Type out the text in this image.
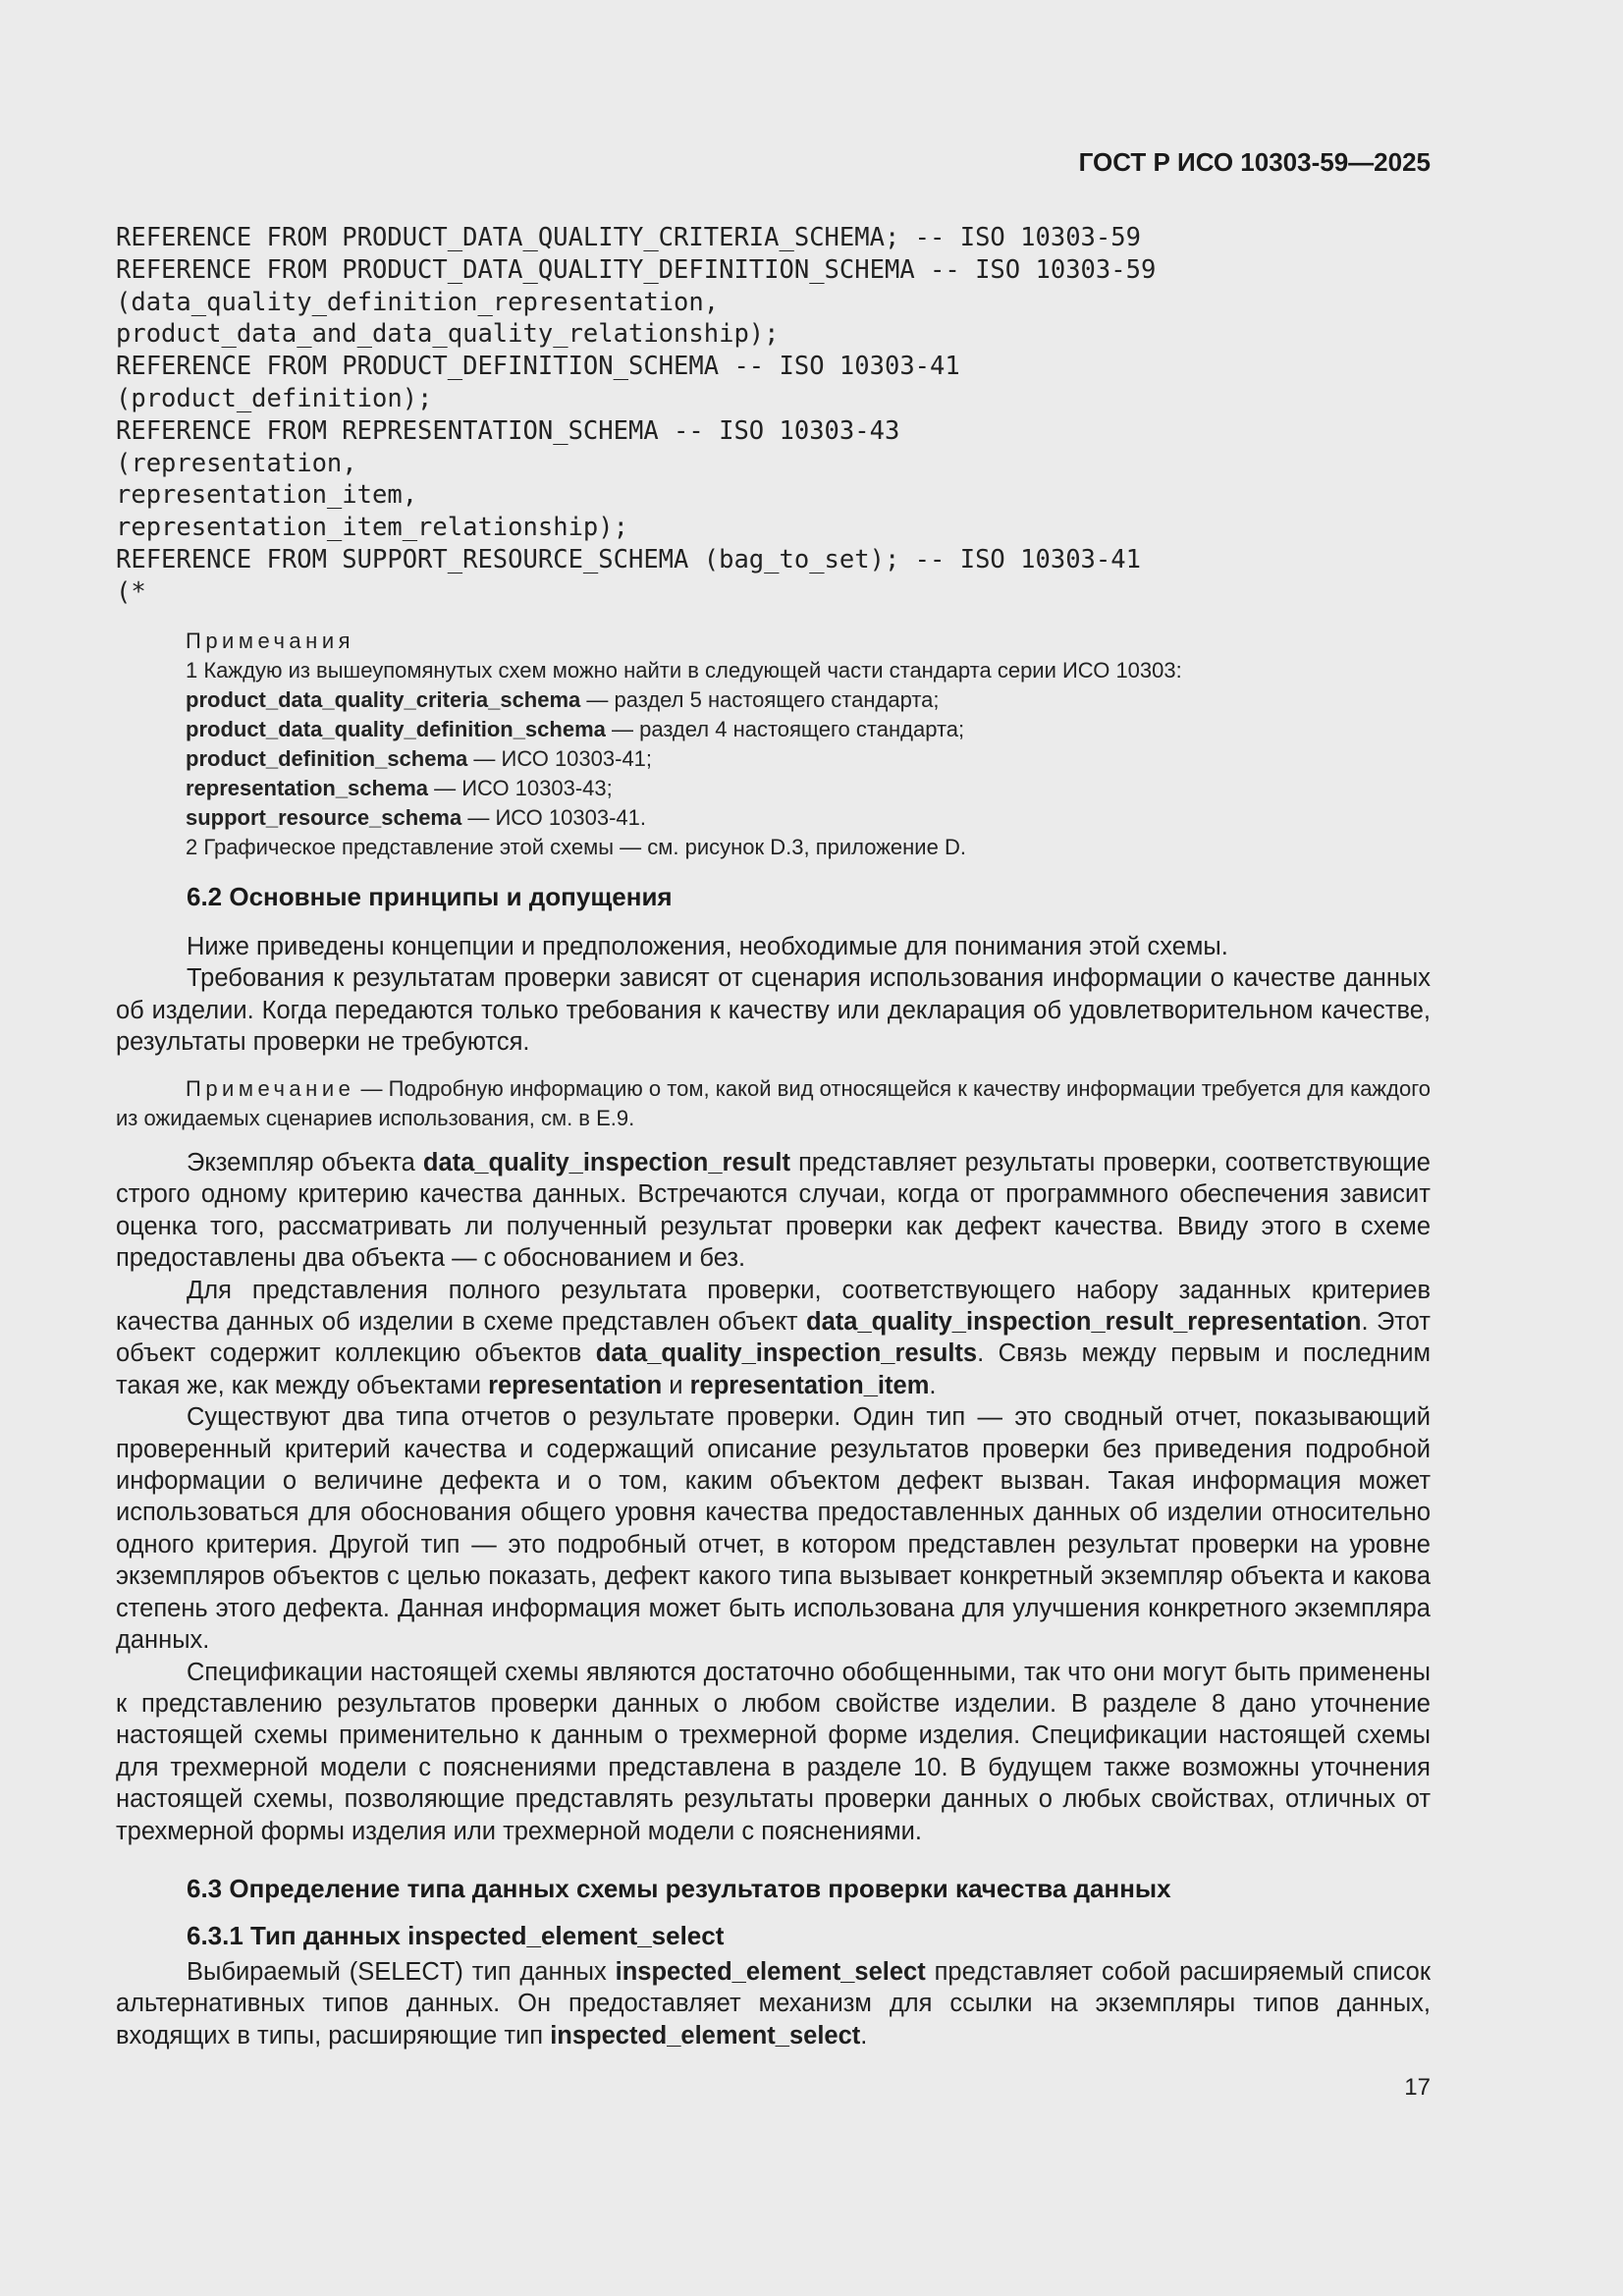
ГОСТ Р ИСО 10303-59—2025

REFERENCE FROM PRODUCT_DATA_QUALITY_CRITERIA_SCHEMA; -- ISO 10303-59
REFERENCE FROM PRODUCT_DATA_QUALITY_DEFINITION_SCHEMA -- ISO 10303-59
(data_quality_definition_representation,
product_data_and_data_quality_relationship);
REFERENCE FROM PRODUCT_DEFINITION_SCHEMA -- ISO 10303-41
(product_definition);
REFERENCE FROM REPRESENTATION_SCHEMA -- ISO 10303-43
(representation,
representation_item,
representation_item_relationship);
REFERENCE FROM SUPPORT_RESOURCE_SCHEMA (bag_to_set); -- ISO 10303-41
(*
Примечания
1 Каждую из вышеупомянутых схем можно найти в следующей части стандарта серии ИСО 10303:
product_data_quality_criteria_schema — раздел 5 настоящего стандарта;
product_data_quality_definition_schema — раздел 4 настоящего стандарта;
product_definition_schema — ИСО 10303-41;
representation_schema — ИСО 10303-43;
support_resource_schema — ИСО 10303-41.
2 Графическое представление этой схемы — см. рисунок D.3, приложение D.

6.2 Основные принципы и допущения

Ниже приведены концепции и предположения, необходимые для понимания этой схемы.

Требования к результатам проверки зависят от сценария использования информации о качестве данных об изделии. Когда передаются только требования к качеству или декларация об удовлетворительном качестве, результаты проверки не требуются.

Примечание — Подробную информацию о том, какой вид относящейся к качеству информации требуется для каждого из ожидаемых сценариев использования, см. в Е.9.

Экземпляр объекта data_quality_inspection_result представляет результаты проверки, соответствующие строго одному критерию качества данных. Встречаются случаи, когда от программного обеспечения зависит оценка того, рассматривать ли полученный результат проверки как дефект качества. Ввиду этого в схеме предоставлены два объекта — с обоснованием и без.

Для представления полного результата проверки, соответствующего набору заданных критериев качества данных об изделии в схеме представлен объект data_quality_inspection_result_representation. Этот объект содержит коллекцию объектов data_quality_inspection_results. Связь между первым и последним такая же, как между объектами representation и representation_item.

Существуют два типа отчетов о результате проверки. Один тип — это сводный отчет, показывающий проверенный критерий качества и содержащий описание результатов проверки без приведения подробной информации о величине дефекта и о том, каким объектом дефект вызван. Такая информация может использоваться для обоснования общего уровня качества предоставленных данных об изделии относительно одного критерия. Другой тип — это подробный отчет, в котором представлен результат проверки на уровне экземпляров объектов с целью показать, дефект какого типа вызывает конкретный экземпляр объекта и какова степень этого дефекта. Данная информация может быть использована для улучшения конкретного экземпляра данных.

Спецификации настоящей схемы являются достаточно обобщенными, так что они могут быть применены к представлению результатов проверки данных о любом свойстве изделии. В разделе 8 дано уточнение настоящей схемы применительно к данным о трехмерной форме изделия. Спецификации настоящей схемы для трехмерной модели с пояснениями представлена в разделе 10. В будущем также возможны уточнения настоящей схемы, позволяющие представлять результаты проверки данных о любых свойствах, отличных от трехмерной формы изделия или трехмерной модели с пояснениями.

6.3 Определение типа данных схемы результатов проверки качества данных

6.3.1 Тип данных inspected_element_select

Выбираемый (SELECT) тип данных inspected_element_select представляет собой расширяемый список альтернативных типов данных. Он предоставляет механизм для ссылки на экземпляры типов данных, входящих в типы, расширяющие тип inspected_element_select.

17
